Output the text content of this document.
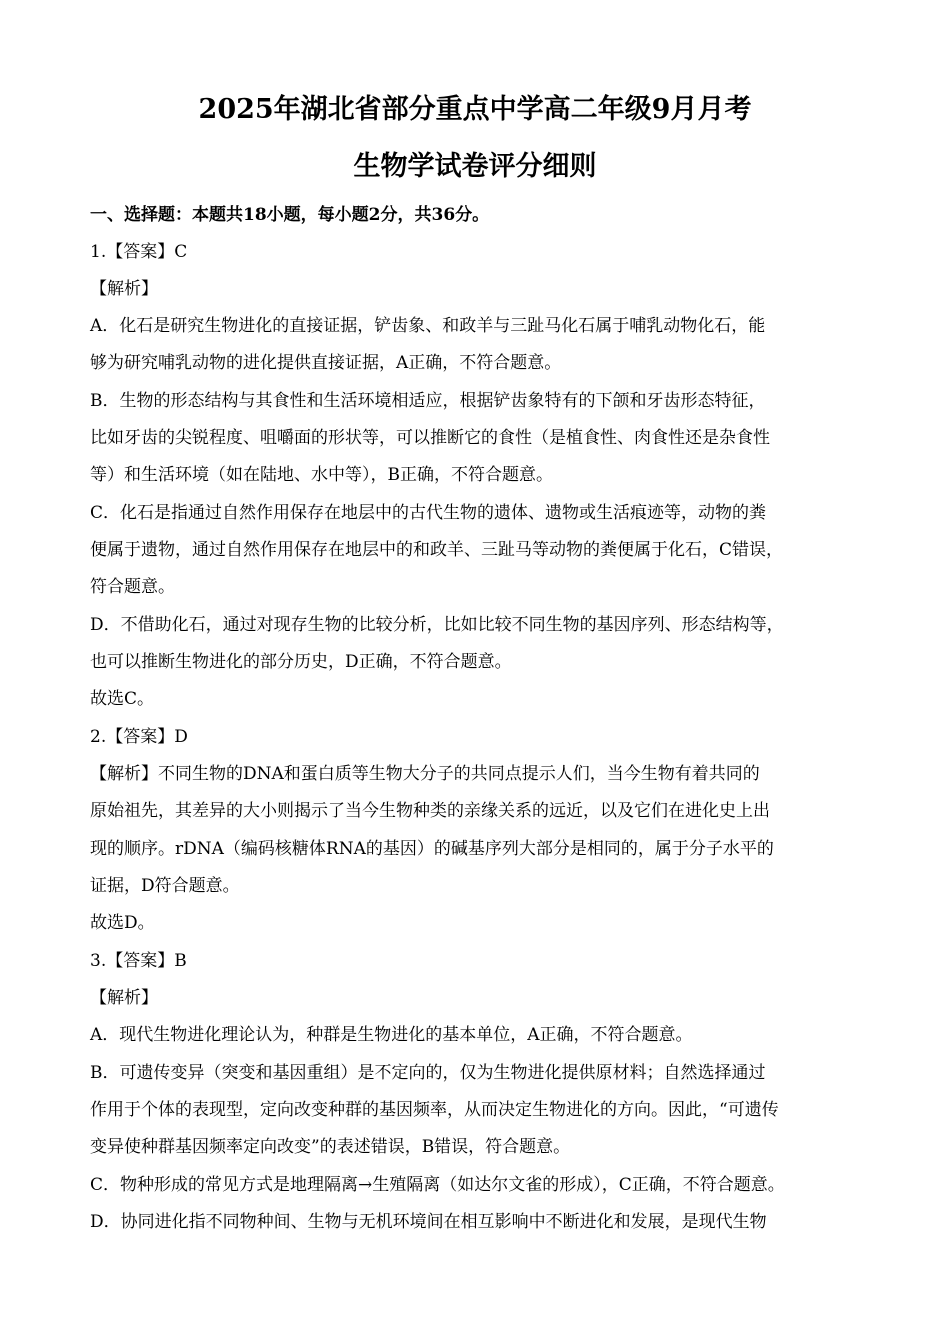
2025年湖北省部分重点中学高二年级9月月考
生物学试卷评分细则
一、选择题：本题共18小题，每小题2分，共36分。
1.【答案】C
【解析】
A．化石是研究生物进化的直接证据，铲齿象、和政羊与三趾马化石属于哺乳动物化石，能
够为研究哺乳动物的进化提供直接证据，A正确，不符合题意。
B．生物的形态结构与其食性和生活环境相适应，根据铲齿象特有的下颌和牙齿形态特征，
比如牙齿的尖锐程度、咀嚼面的形状等，可以推断它的食性（是植食性、肉食性还是杂食性
等）和生活环境（如在陆地、水中等），B正确，不符合题意。
C．化石是指通过自然作用保存在地层中的古代生物的遗体、遗物或生活痕迹等，动物的粪
便属于遗物，通过自然作用保存在地层中的和政羊、三趾马等动物的粪便属于化石，C错误，
符合题意。
D．不借助化石，通过对现存生物的比较分析，比如比较不同生物的基因序列、形态结构等，
也可以推断生物进化的部分历史，D正确，不符合题意。
故选C。
2.【答案】D
【解析】不同生物的DNA和蛋白质等生物大分子的共同点提示人们，当今生物有着共同的
原始祖先，其差异的大小则揭示了当今生物种类的亲缘关系的远近，以及它们在进化史上出
现的顺序。rDNA（编码核糖体RNA的基因）的碱基序列大部分是相同的，属于分子水平的
证据，D符合题意。
故选D。
3.【答案】B
【解析】
A．现代生物进化理论认为，种群是生物进化的基本单位，A正确，不符合题意。
B．可遗传变异（突变和基因重组）是不定向的，仅为生物进化提供原材料；自然选择通过
作用于个体的表现型，定向改变种群的基因频率，从而决定生物进化的方向。因此，“可遗传
变异使种群基因频率定向改变”的表述错误，B错误，符合题意。
C．物种形成的常见方式是地理隔离→生殖隔离（如达尔文雀的形成），C正确，不符合题意。
D．协同进化指不同物种间、生物与无机环境间在相互影响中不断进化和发展，是现代生物
